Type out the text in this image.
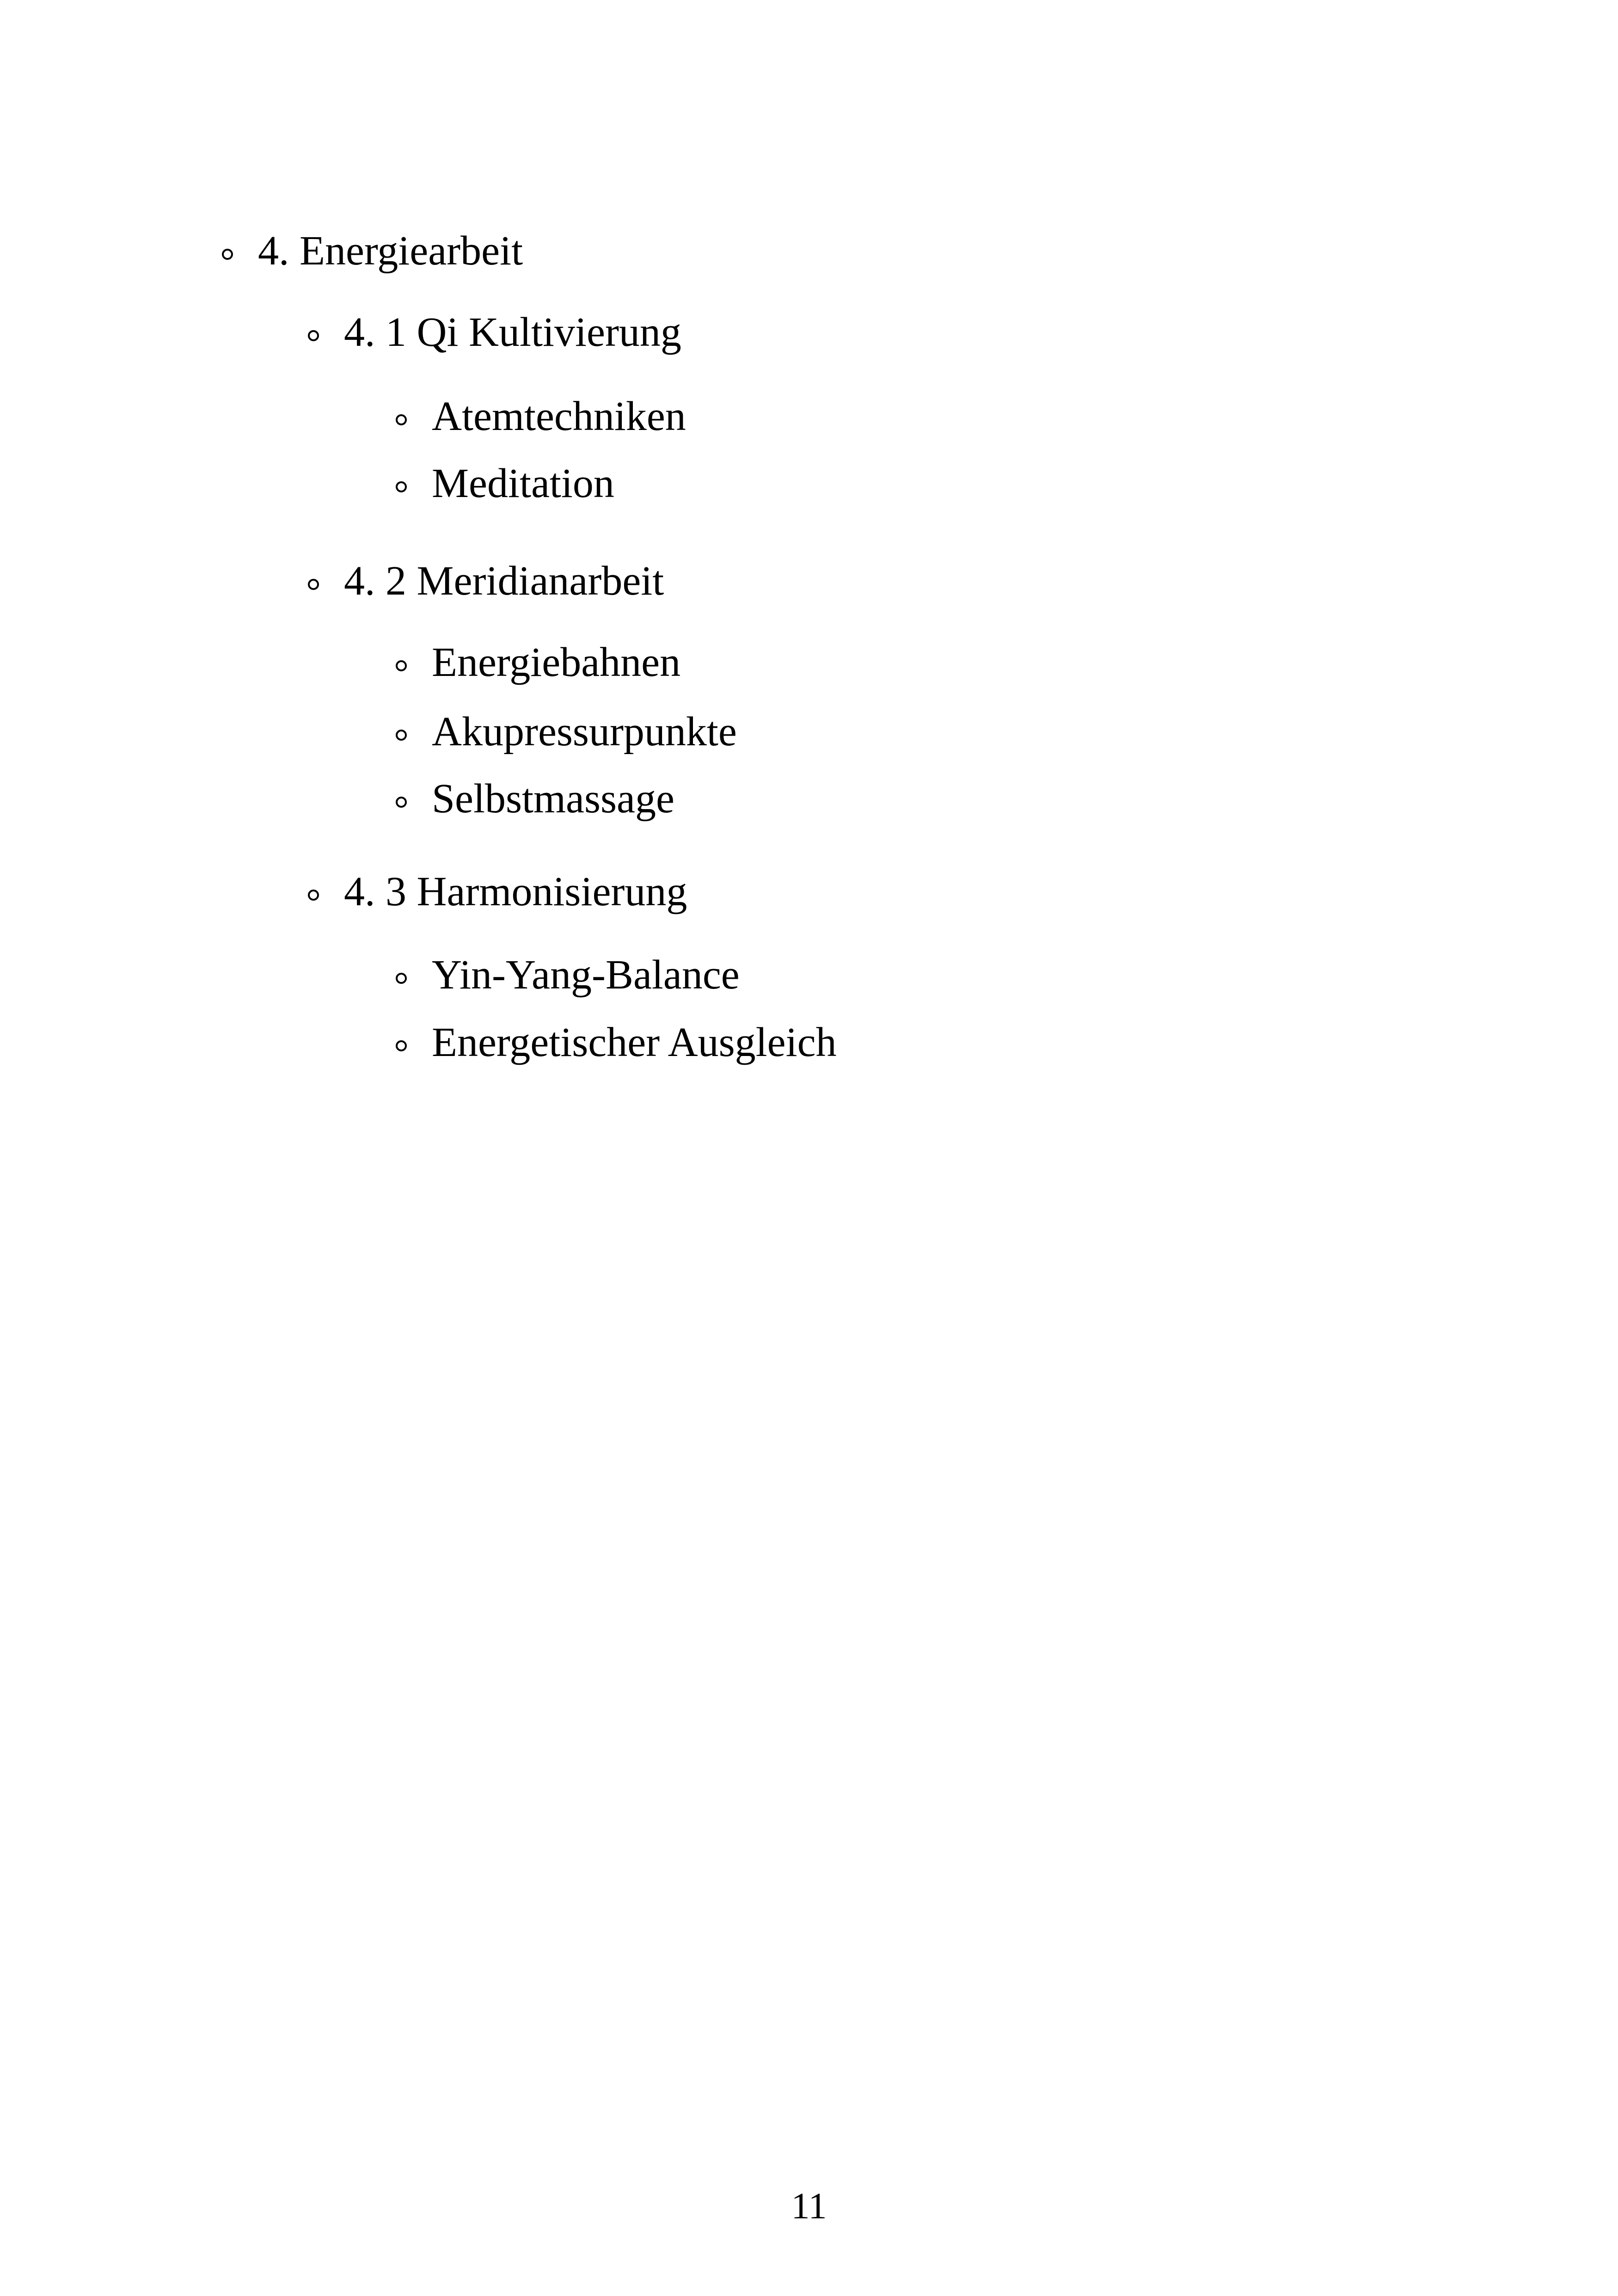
4. Energiearbeit
4. 1 Qi Kultivierung
Atemtechniken
Meditation
4. 2 Meridianarbeit
Energiebahnen
Akupressurpunkte
Selbstmassage
4. 3 Harmonisierung
Yin-Yang-Balance
Energetischer Ausgleich
11
